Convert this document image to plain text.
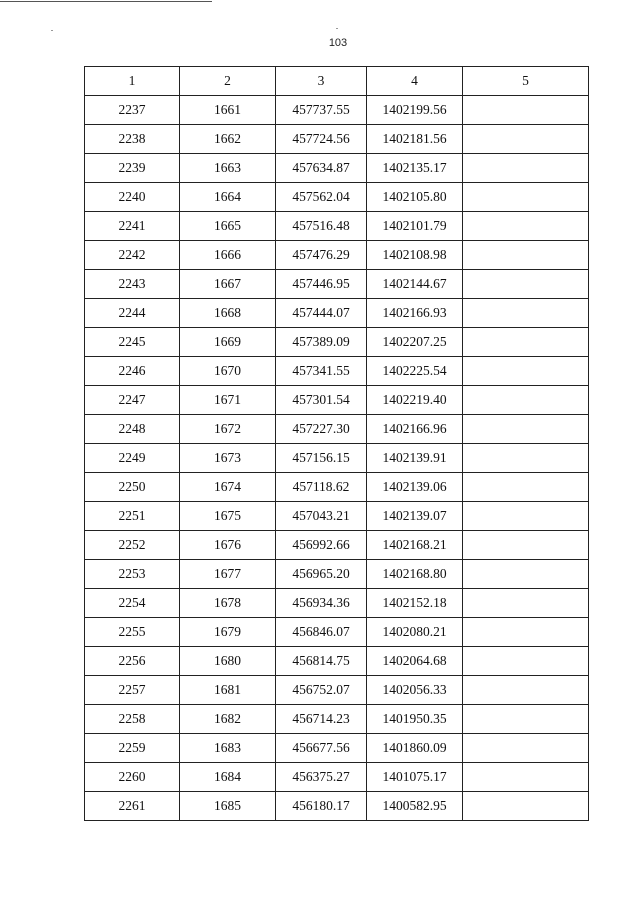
103
1	2	3	4	5
2237	1661	457737.55	1402199.56	
2238	1662	457724.56	1402181.56	
2239	1663	457634.87	1402135.17	
2240	1664	457562.04	1402105.80	
2241	1665	457516.48	1402101.79	
2242	1666	457476.29	1402108.98	
2243	1667	457446.95	1402144.67	
2244	1668	457444.07	1402166.93	
2245	1669	457389.09	1402207.25	
2246	1670	457341.55	1402225.54	
2247	1671	457301.54	1402219.40	
2248	1672	457227.30	1402166.96	
2249	1673	457156.15	1402139.91	
2250	1674	457118.62	1402139.06	
2251	1675	457043.21	1402139.07	
2252	1676	456992.66	1402168.21	
2253	1677	456965.20	1402168.80	
2254	1678	456934.36	1402152.18	
2255	1679	456846.07	1402080.21	
2256	1680	456814.75	1402064.68	
2257	1681	456752.07	1402056.33	
2258	1682	456714.23	1401950.35	
2259	1683	456677.56	1401860.09	
2260	1684	456375.27	1401075.17	
2261	1685	456180.17	1400582.95	
